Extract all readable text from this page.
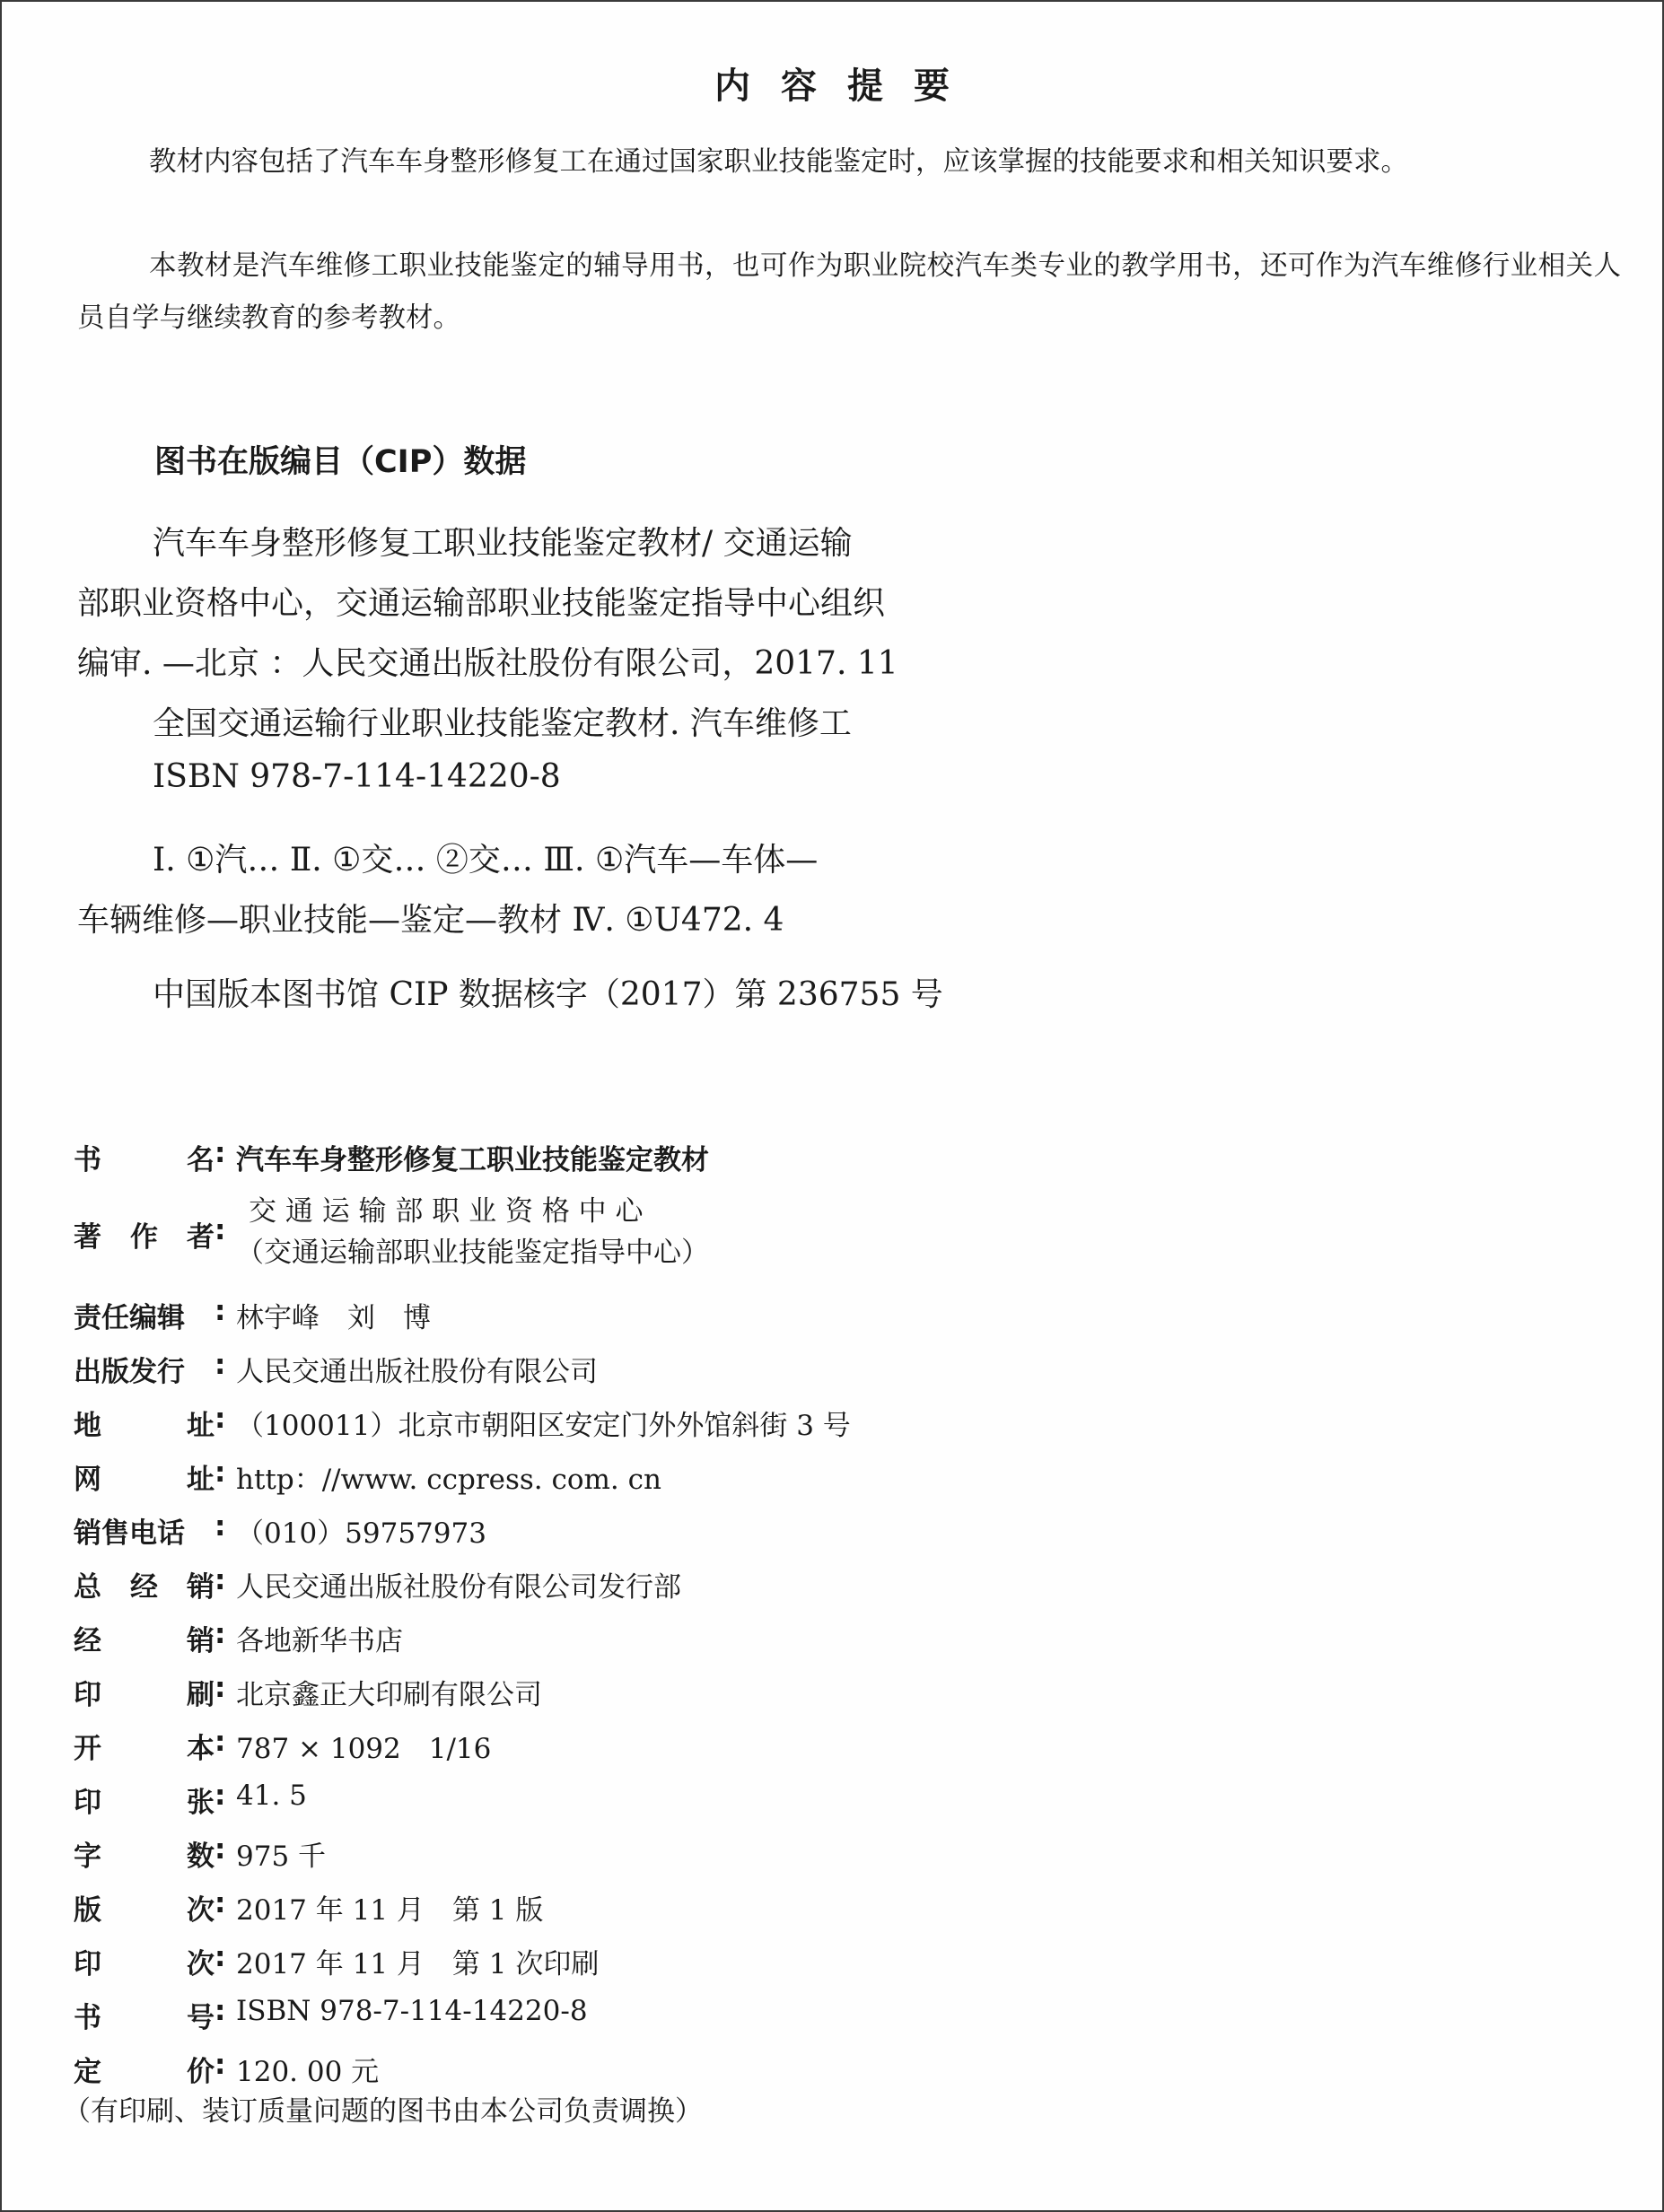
内容提要

教材内容包括了汽车车身整形修复工在通过国家职业技能鉴定时，应该掌握的技能要求和相关知识要求。

本教材是汽车维修工职业技能鉴定的辅导用书，也可作为职业院校汽车类专业的教学用书，还可作为汽车维修行业相关人员自学与继续教育的参考教材。

图书在版编目（CIP）数据
汽车车身整形修复工职业技能鉴定教材/ 交通运输
部职业资格中心，交通运输部职业技能鉴定指导中心组织
编审. —北京 ：人民交通出版社股份有限公司，2017. 11
全国交通运输行业职业技能鉴定教材. 汽车维修工
ISBN 978-7-114-14220-8
Ⅰ. ①汽… Ⅱ. ①交… ②交… Ⅲ. ①汽车—车体—
车辆维修—职业技能—鉴定—教材 Ⅳ. ①U472. 4
中国版本图书馆 CIP 数据核字（2017）第 236755 号
书	名 : 汽车车身整形修复工职业技能鉴定教材
著 作 者 :
交 通 运 输 部 职 业 资 格 中 心
（交通运输部职业技能鉴定指导中心）
责任编辑 : 林宇峰　刘　博
出版发行 : 人民交通出版社股份有限公司
地	址 : （100011）北京市朝阳区安定门外外馆斜街 3 号
网	址 : http：//www. ccpress. com. cn
销售电话 : （010）59757973
总 经 销 : 人民交通出版社股份有限公司发行部
经	销 : 各地新华书店
印	刷 : 北京鑫正大印刷有限公司
开	本 : 787 × 1092　1/16
印	张 : 41. 5
字	数 : 975 千
版	次 : 2017 年 11 月　第 1 版
印	次 : 2017 年 11 月　第 1 次印刷
书	号 : ISBN 978-7-114-14220-8
定	价 : 120. 00 元
（有印刷、装订质量问题的图书由本公司负责调换）
